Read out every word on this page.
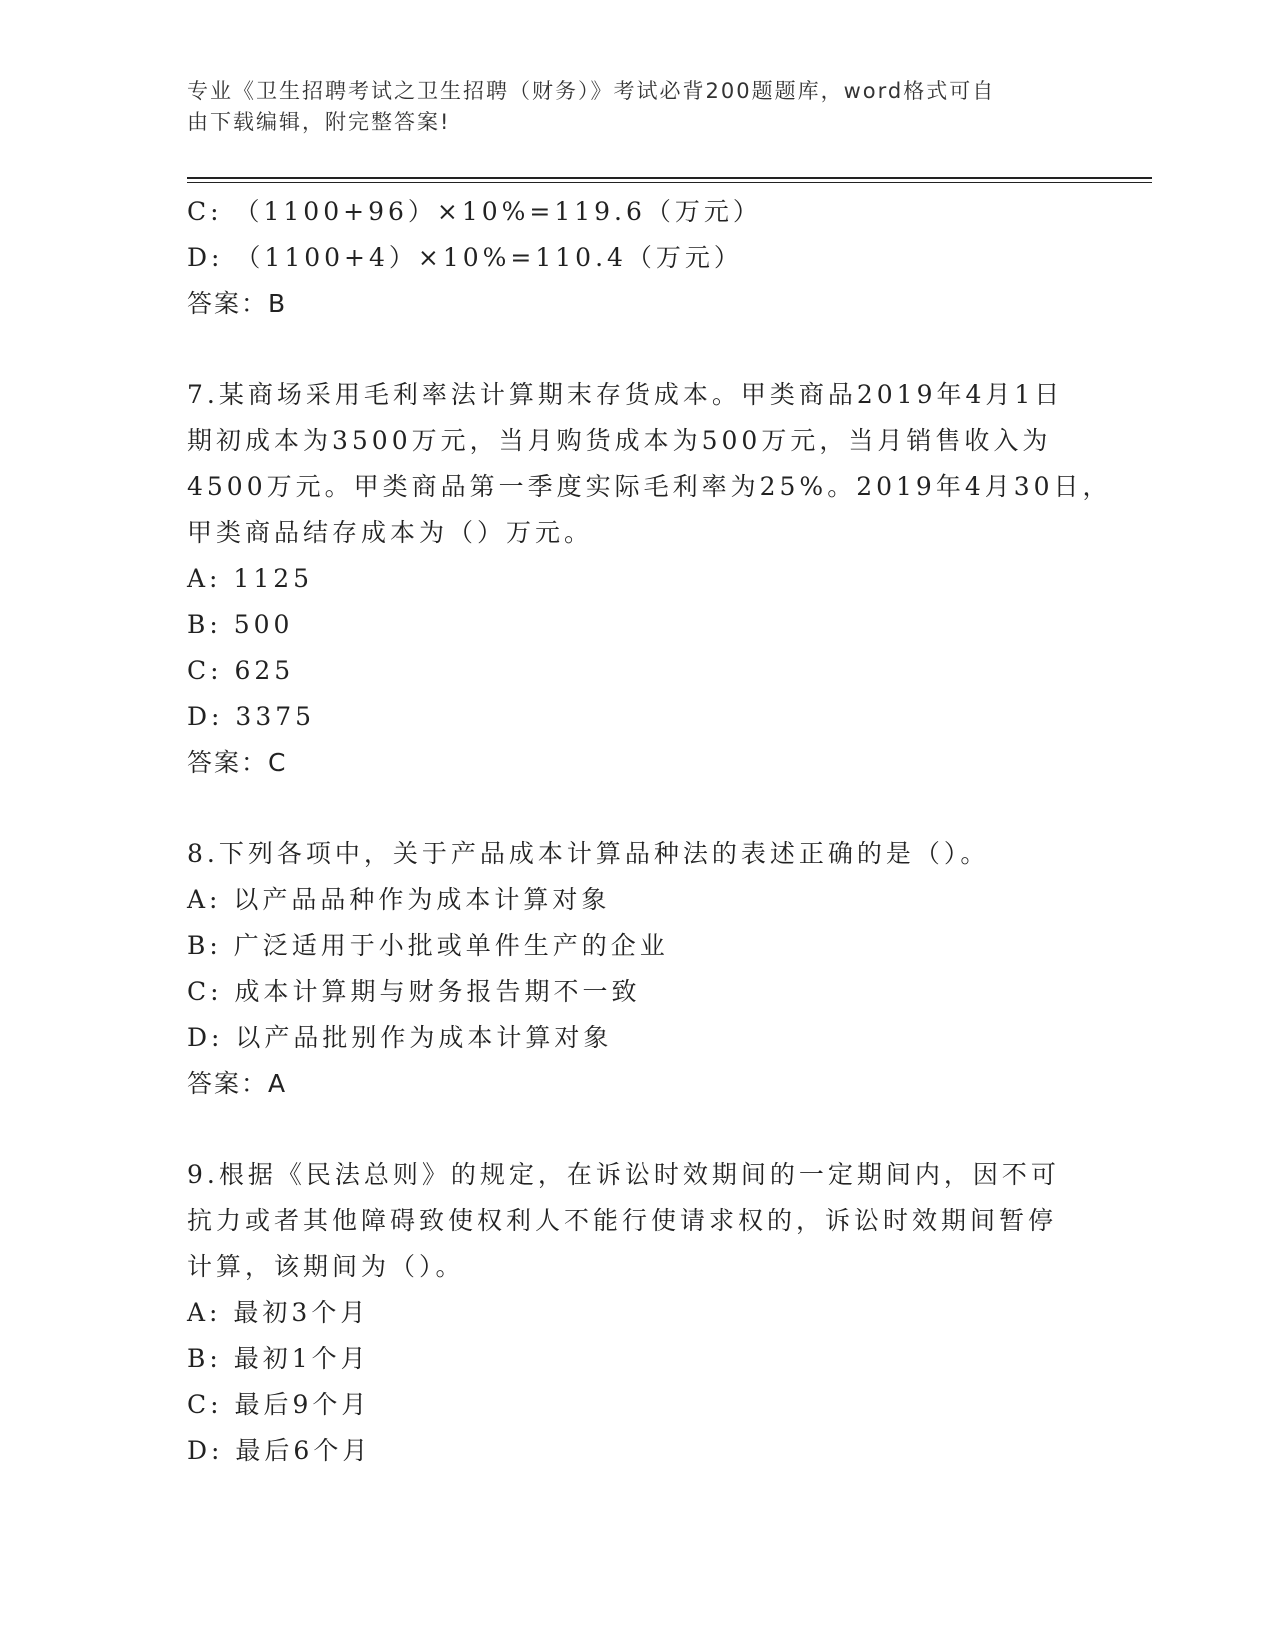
专业《卫生招聘考试之卫生招聘（财务）》考试必背200题题库，word格式可自
由下载编辑，附完整答案!
C: （1100+96）×10%=119.6（万元）
D: （1100+4）×10%=110.4（万元）
答案：B
7.某商场采用毛利率法计算期末存货成本。甲类商品2019年4月1日
期初成本为3500万元，当月购货成本为500万元，当月销售收入为
4500万元。甲类商品第一季度实际毛利率为25%。2019年4月30日，
甲类商品结存成本为（）万元。
A: 1125
B: 500
C: 625
D: 3375
答案：C
8.下列各项中，关于产品成本计算品种法的表述正确的是（）。
A: 以产品品种作为成本计算对象
B: 广泛适用于小批或单件生产的企业
C: 成本计算期与财务报告期不一致
D: 以产品批别作为成本计算对象
答案：A
9.根据《民法总则》的规定，在诉讼时效期间的一定期间内，因不可
抗力或者其他障碍致使权利人不能行使请求权的，诉讼时效期间暂停
计算，该期间为（）。
A: 最初3个月
B: 最初1个月
C: 最后9个月
D: 最后6个月
